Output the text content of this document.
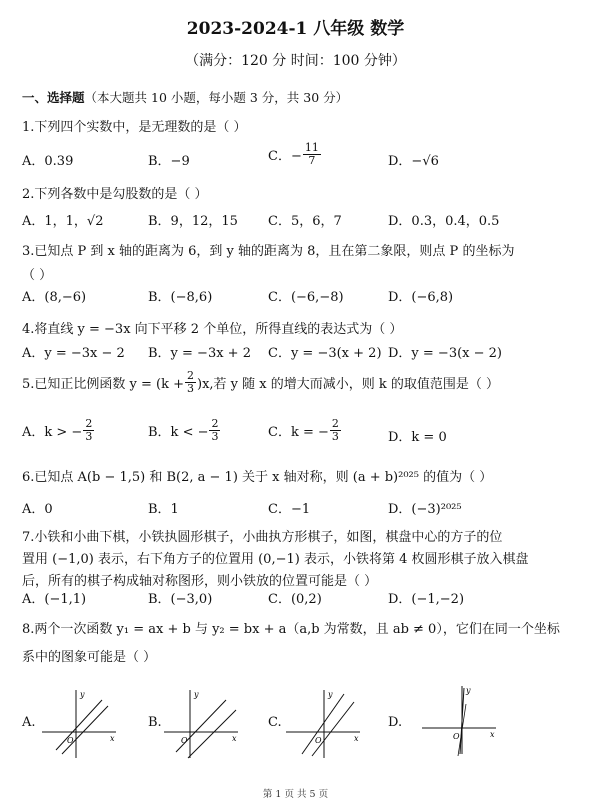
2023-2024-1 八年级 数学
（满分：120 分 时间：100 分钟）
一、选择题（本大题共 10 小题，每小题 3 分，共 30 分）
1.下列四个实数中，是无理数的是（ ）
A．0.39	B．−9	C．− $\frac{11}{7}$	D．−√6
2.下列各数中是勾股数的是（ ）
A．1，1，√2	B．9，12，15 C．5，6，7	D．0.3，0.4，0.5
3.已知点 P 到 x 轴的距离为 6，到 y 轴的距离为 8，且在第二象限，则点 P 的坐标为
（ ）
A．(8,−6)	B．(−8,6)	C．(−6,−8)	D．(−6,8)
4.将直线 y = −3x 向下平移 2 个单位，所得直线的表达式为（ ）
A．y = −3x − 2 B．y = −3x + 2 C．y = −3(x + 2) D．y = −3(x − 2)
5.已知正比例函数 $y = (k + \frac{2}{3} )x$,若 y 随 x 的增大而减小，则 k 的取值范围是（ ）
A．k > − $\frac{2}{3}$	B．k < − $\frac{2}{3}$	C．k = − $\frac{2}{3}$	D．k = 0
6.已知点 A(b − 1,5) 和 B(2, a − 1) 关于 x 轴对称，则 (a + b)²⁰²⁵ 的值为（ ）
A．0	B．1	C．−1	D．(−3)²⁰²⁵
7.小铁和小曲下棋，小铁执圆形棋子，小曲执方形棋子，如图，棋盘中心的方子的位
置用 (−1,0) 表示，右下角方子的位置用 (0,−1) 表示，小铁将第 4 枚圆形棋子放入棋盘
后，所有的棋子构成轴对称图形，则小铁放的位置可能是（ ）
A．(−1,1)	B．(−3,0)	C．(0,2)	D．(−1,−2)
8.两个一次函数 y₁ = ax + b 与 y₂ = bx + a（a,b 为常数，且 ab ≠ 0），它们在同一个坐标
系中的图象可能是（ ）
A.	B.	C.	D.
O	x
y
O	x
y
O	x
y
O	x
y
第 1 页 共 5 页
